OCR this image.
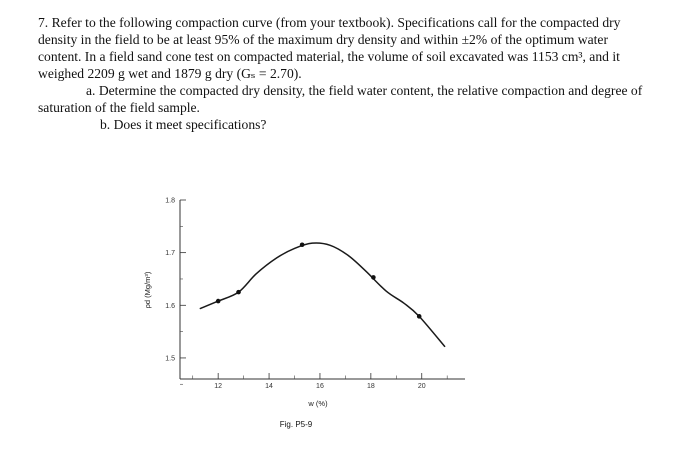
7. Refer to the following compaction curve (from your textbook). Specifications call for the compacted dry density in the field to be at least 95% of the maximum dry density and within ±2% of the optimum water content. In a field sand cone test on compacted material, the volume of soil excavated was 1153 cm³, and it weighed 2209 g wet and 1879 g dry (Gₛ = 2.70).

a. Determine the compacted dry density, the field water content, the relative compaction and degree of saturation of the field sample.

b. Does it meet specifications?

1.5
1.6
1.7
1.8
12	14	16	18	20
ρd (Mg/m³)
w (%)
Fig. P5-9
